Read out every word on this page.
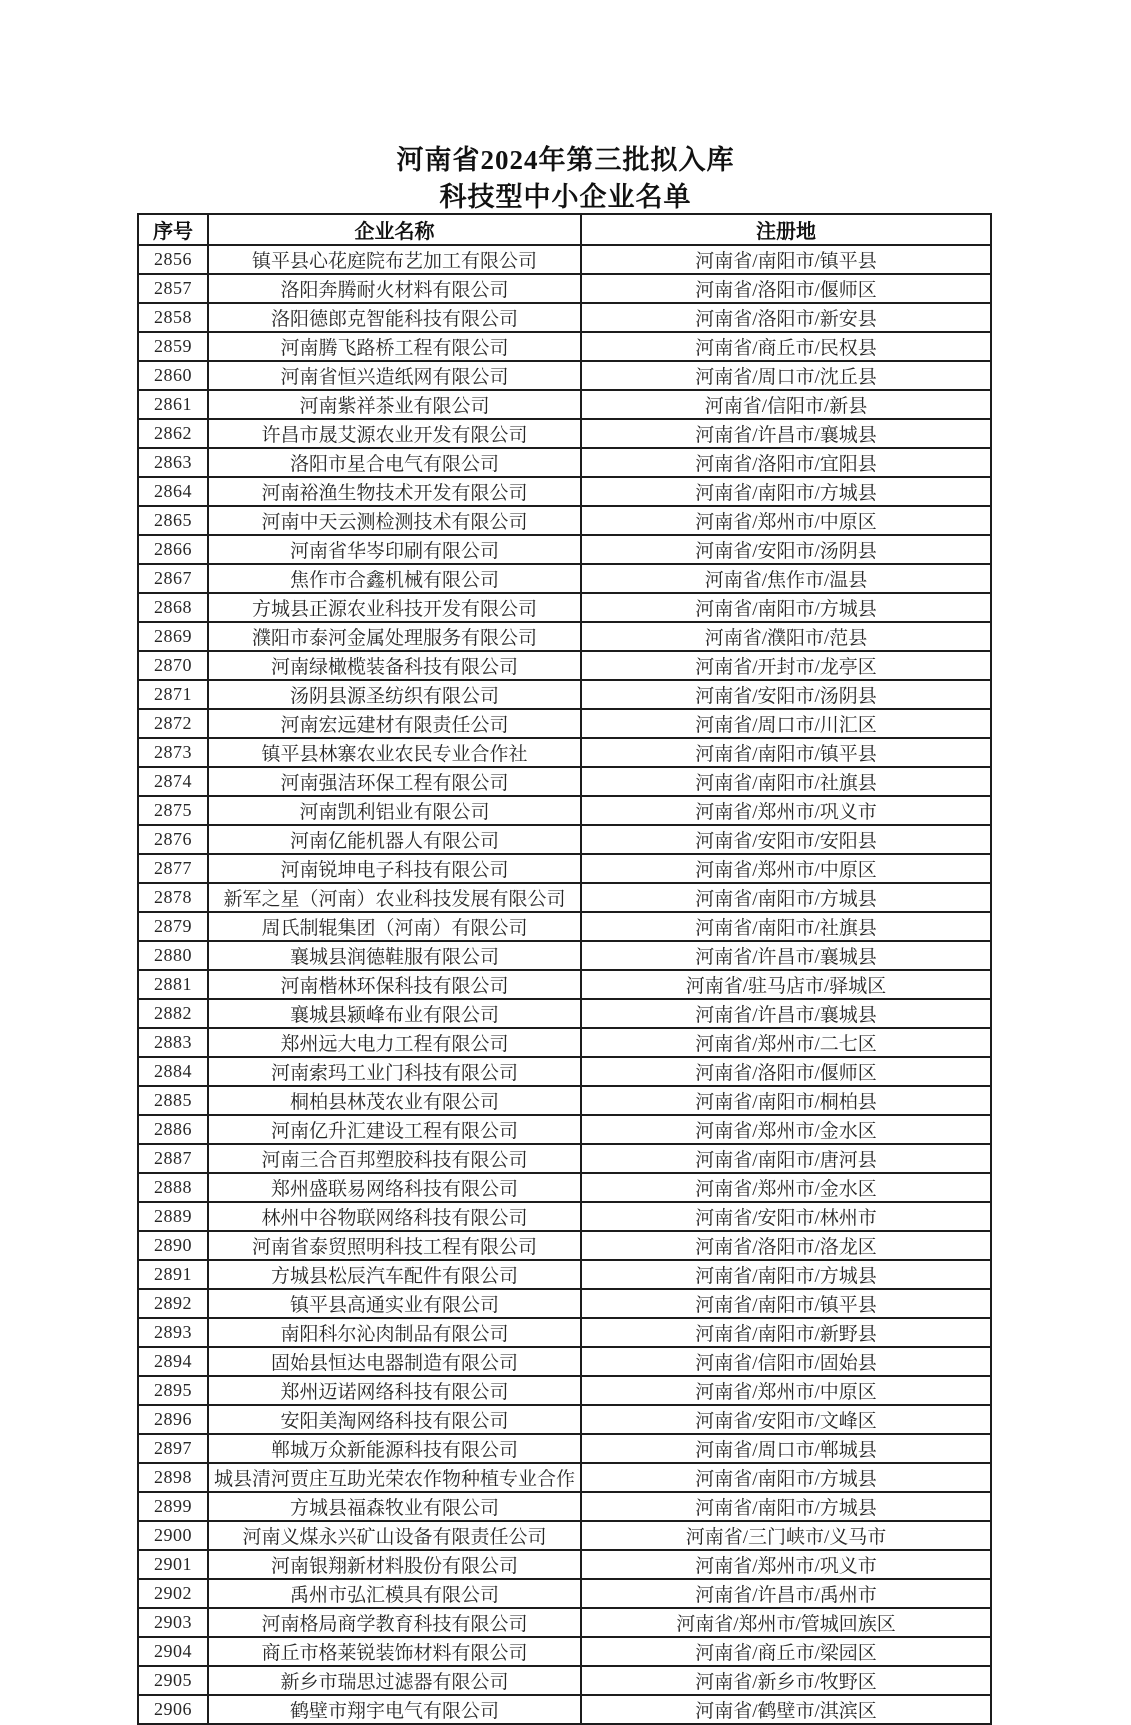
河南省2024年第三批拟入库
科技型中小企业名单
序号	企业名称	注册地
2856	镇平县心花庭院布艺加工有限公司	河南省/南阳市/镇平县
2857	洛阳奔腾耐火材料有限公司	河南省/洛阳市/偃师区
2858	洛阳德郎克智能科技有限公司	河南省/洛阳市/新安县
2859	河南腾飞路桥工程有限公司	河南省/商丘市/民权县
2860	河南省恒兴造纸网有限公司	河南省/周口市/沈丘县
2861	河南紫祥茶业有限公司	河南省/信阳市/新县
2862	许昌市晟艾源农业开发有限公司	河南省/许昌市/襄城县
2863	洛阳市星合电气有限公司	河南省/洛阳市/宜阳县
2864	河南裕渔生物技术开发有限公司	河南省/南阳市/方城县
2865	河南中天云测检测技术有限公司	河南省/郑州市/中原区
2866	河南省华岑印刷有限公司	河南省/安阳市/汤阴县
2867	焦作市合鑫机械有限公司	河南省/焦作市/温县
2868	方城县正源农业科技开发有限公司	河南省/南阳市/方城县
2869	濮阳市泰河金属处理服务有限公司	河南省/濮阳市/范县
2870	河南绿橄榄装备科技有限公司	河南省/开封市/龙亭区
2871	汤阴县源圣纺织有限公司	河南省/安阳市/汤阴县
2872	河南宏远建材有限责任公司	河南省/周口市/川汇区
2873	镇平县林寨农业农民专业合作社	河南省/南阳市/镇平县
2874	河南强洁环保工程有限公司	河南省/南阳市/社旗县
2875	河南凯利铝业有限公司	河南省/郑州市/巩义市
2876	河南亿能机器人有限公司	河南省/安阳市/安阳县
2877	河南锐坤电子科技有限公司	河南省/郑州市/中原区
2878	新军之星（河南）农业科技发展有限公司	河南省/南阳市/方城县
2879	周氏制辊集团（河南）有限公司	河南省/南阳市/社旗县
2880	襄城县润德鞋服有限公司	河南省/许昌市/襄城县
2881	河南楷林环保科技有限公司	河南省/驻马店市/驿城区
2882	襄城县颍峰布业有限公司	河南省/许昌市/襄城县
2883	郑州远大电力工程有限公司	河南省/郑州市/二七区
2884	河南索玛工业门科技有限公司	河南省/洛阳市/偃师区
2885	桐柏县林茂农业有限公司	河南省/南阳市/桐柏县
2886	河南亿升汇建设工程有限公司	河南省/郑州市/金水区
2887	河南三合百邦塑胶科技有限公司	河南省/南阳市/唐河县
2888	郑州盛联易网络科技有限公司	河南省/郑州市/金水区
2889	林州中谷物联网络科技有限公司	河南省/安阳市/林州市
2890	河南省泰贸照明科技工程有限公司	河南省/洛阳市/洛龙区
2891	方城县松辰汽车配件有限公司	河南省/南阳市/方城县
2892	镇平县高通实业有限公司	河南省/南阳市/镇平县
2893	南阳科尔沁肉制品有限公司	河南省/南阳市/新野县
2894	固始县恒达电器制造有限公司	河南省/信阳市/固始县
2895	郑州迈诺网络科技有限公司	河南省/郑州市/中原区
2896	安阳美淘网络科技有限公司	河南省/安阳市/文峰区
2897	郸城万众新能源科技有限公司	河南省/周口市/郸城县
2898	城县清河贾庄互助光荣农作物种植专业合作	河南省/南阳市/方城县
2899	方城县福森牧业有限公司	河南省/南阳市/方城县
2900	河南义煤永兴矿山设备有限责任公司	河南省/三门峡市/义马市
2901	河南银翔新材料股份有限公司	河南省/郑州市/巩义市
2902	禹州市弘汇模具有限公司	河南省/许昌市/禹州市
2903	河南格局商学教育科技有限公司	河南省/郑州市/管城回族区
2904	商丘市格莱锐装饰材料有限公司	河南省/商丘市/梁园区
2905	新乡市瑞思过滤器有限公司	河南省/新乡市/牧野区
2906	鹤壁市翔宇电气有限公司	河南省/鹤壁市/淇滨区
